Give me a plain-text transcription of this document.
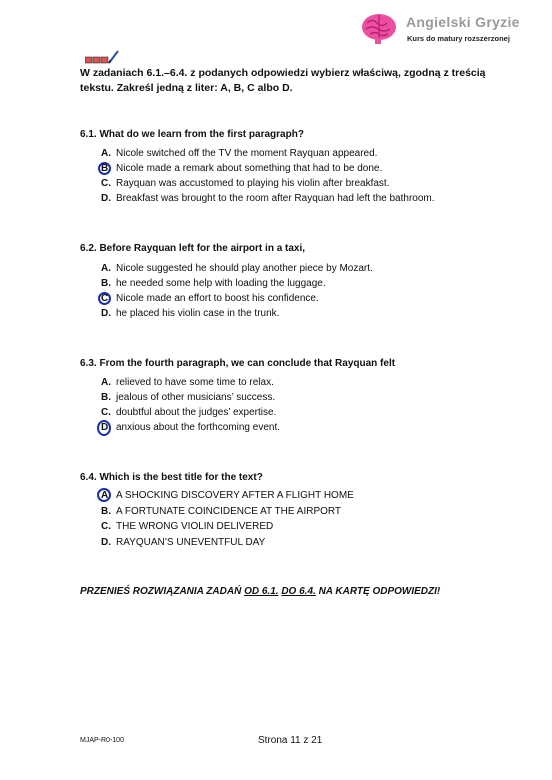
Angielski Gryzie
Kurs do matury rozszerzonej
W zadaniach 6.1.–6.4. z podanych odpowiedzi wybierz właściwą, zgodną z treścią tekstu. Zakreśl jedną z liter: A, B, C albo D.
6.1. What do we learn from the first paragraph?
A. Nicole switched off the TV the moment Rayquan appeared.
B. Nicole made a remark about something that had to be done.
C. Rayquan was accustomed to playing his violin after breakfast.
D. Breakfast was brought to the room after Rayquan had left the bathroom.
6.2. Before Rayquan left for the airport in a taxi,
A. Nicole suggested he should play another piece by Mozart.
B. he needed some help with loading the luggage.
C. Nicole made an effort to boost his confidence.
D. he placed his violin case in the trunk.
6.3. From the fourth paragraph, we can conclude that Rayquan felt
A. relieved to have some time to relax.
B. jealous of other musicians’ success.
C. doubtful about the judges’ expertise.
D. anxious about the forthcoming event.
6.4. Which is the best title for the text?
A. A SHOCKING DISCOVERY AFTER A FLIGHT HOME
B. A FORTUNATE COINCIDENCE AT THE AIRPORT
C. THE WRONG VIOLIN DELIVERED
D. RAYQUAN’S UNEVENTFUL DAY
PRZENIEŚ ROZWIĄZANIA ZADAŃ OD 6.1. DO 6.4. NA KARTĘ ODPOWIEDZI!
MJAP-R0-100	Strona 11 z 21
